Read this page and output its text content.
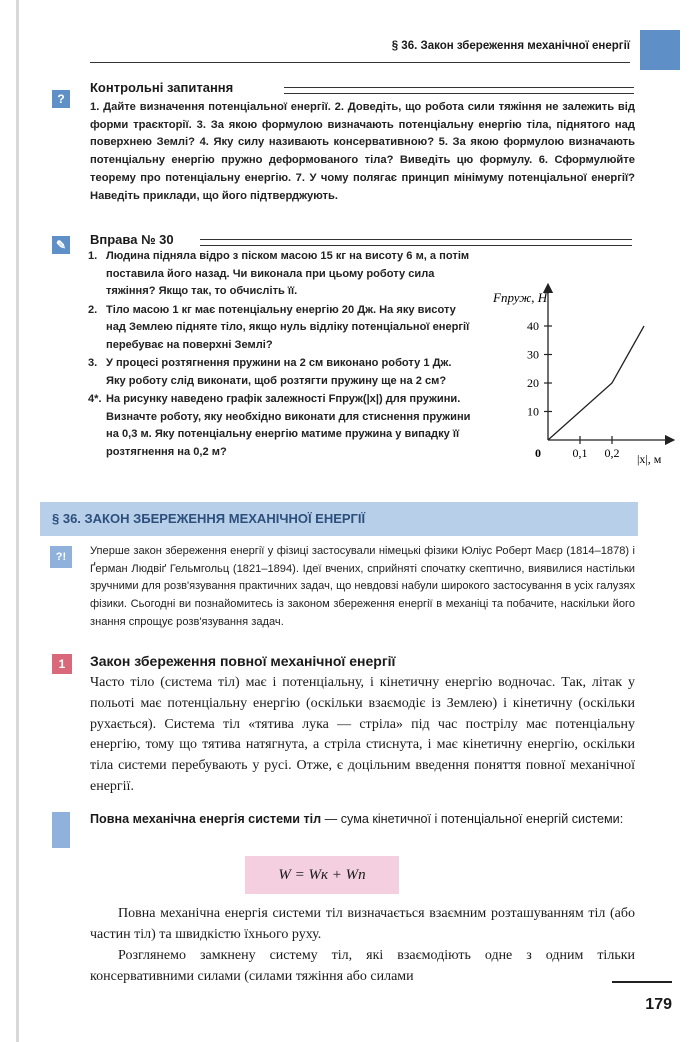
§ 36. Закон збереження механічної енергії
?
Контрольні запитання
1. Дайте визначення потенціальної енергії. 2. Доведіть, що робота сили тяжіння не залежить від форми траєкторії. 3. За якою формулою визначають потенціальну енергію тіла, піднятого над поверхнею Землі? 4. Яку силу називають консервативною? 5. За якою формулою визначають потенціальну енергію пружно деформованого тіла? Виведіть цю формулу. 6. Сформулюйте теорему про потенціальну енергію. 7. У чому полягає принцип мінімуму потенціальної енергії? Наведіть приклади, що його підтверджують.
✎	Вправа № 30
1. Людина підняла відро з піском масою 15 кг на висоту 6 м, а потім поставила його назад. Чи виконала при цьому роботу сила тяжіння? Якщо так, то обчисліть її.
2. Тіло масою 1 кг має потенціальну енергію 20 Дж. На яку висоту над Землею підняте тіло, якщо нуль відліку потенціальної енергії перебуває на поверхні Землі?
3. У процесі розтягнення пружини на 2 см виконано роботу 1 Дж. Яку роботу слід виконати, щоб розтягти пружину ще на 2 см?
4*. На рисунку наведено графік залежності Fпруж(|x|) для пружини. Визначте роботу, яку необхідно виконати для стиснення пружини на 0,3 м. Яку потенціальну енергію матиме пружина у випадку її розтягнення на 0,2 м?
10
20
30
40
0,1 0,2
Fпруж, Н
|x|, м
0
§ 36. ЗАКОН ЗБЕРЕЖЕННЯ МЕХАНІЧНОЇ ЕНЕРГІЇ
?!	Уперше закон збереження енергії у фізиці застосували німецькі фізики Юліус Роберт Маєр (1814–1878) і Ґерман Людвіґ Гельмгольц (1821–1894). Ідеї вчених, сприйняті спочатку скептично, виявилися настільки зручними для розв'язування практичних задач, що невдовзі набули широкого застосування в усіх галузях фізики. Сьогодні ви познайомитесь із законом збереження енергії в механіці та побачите, наскільки його знання спрощує розв'язування задач.
1	Закон збереження повної механічної енергії
Часто тіло (система тіл) має і потенціальну, і кінетичну енергію водночас. Так, літак у польоті має потенціальну енергію (оскільки взаємодіє із Землею) і кінетичну (оскільки рухається). Система тіл «тятива лука — стріла» під час пострілу має потенціальну енергію, тому що тятива натягнута, а стріла стиснута, і має кінетичну енергію, оскільки тіла системи перебувають у русі. Отже, є доцільним введення поняття повної механічної енергії.
Повна механічна енергія системи тіл — сума кінетичної і потенціальної енергій системи:
W = Wк + Wп
Повна механічна енергія системи тіл визначається взаємним розташуванням тіл (або частин тіл) та швидкістю їхнього руху.
Розглянемо замкнену систему тіл, які взаємодіють одне з одним тільки консервативними силами (силами тяжіння або силами
179
